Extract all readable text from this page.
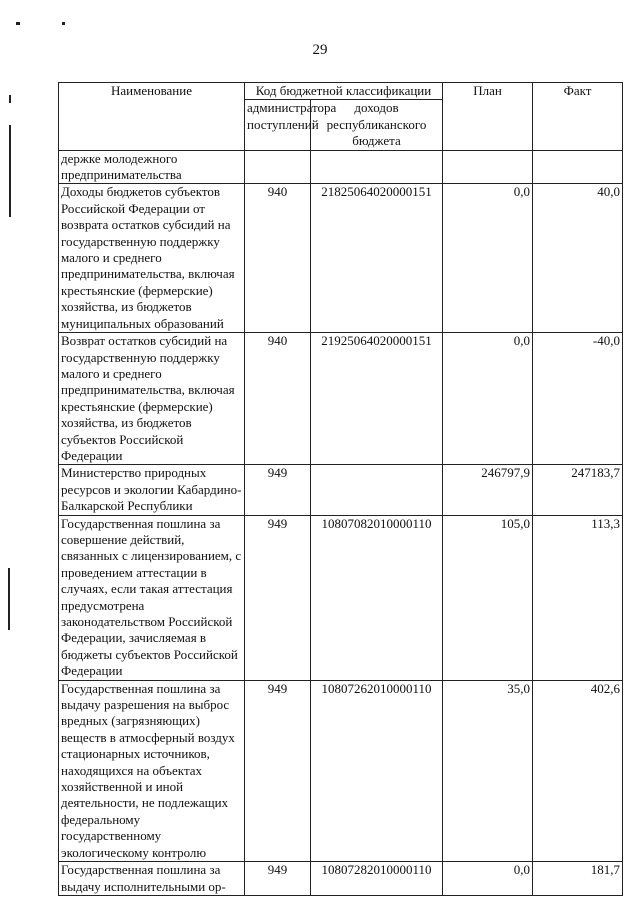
29
Наименование	Код бюджетной классификации		План	Факт
	администратора поступлений	доходов республиканского бюджета		
держке молодежного предпринимательства				
Доходы бюджетов субъектов Российской Федерации от возврата остатков субсидий на государственную поддержку малого и среднего предпринимательства, включая крестьянские (фермерские) хозяйства, из бюджетов муниципальных образований	940	21825064020000151	0,0	40,0
Возврат остатков субсидий на государственную поддержку малого и среднего предпринимательства, включая крестьянские (фермерские) хозяйства, из бюджетов субъектов Российской Федерации	940	21925064020000151	0,0	-40,0
Министерство природных ресурсов и экологии Кабардино-Балкарской Республики	949		246797,9	247183,7
Государственная пошлина за совершение действий, связанных с лицензированием, с проведением аттестации в случаях, если такая аттестация предусмотрена законодательством Российской Федерации, зачисляемая в бюджеты субъектов Российской Федерации	949	10807082010000110	105,0	113,3
Государственная пошлина за выдачу разрешения на выброс вредных (загрязняющих) веществ в атмосферный воздух стационарных источников, находящихся на объектах хозяйственной и иной деятельности, не подлежащих федеральному государственному экологическому контролю	949	10807262010000110	35,0	402,6
Государственная пошлина за выдачу исполнительными ор-	949	10807282010000110	0,0	181,7
